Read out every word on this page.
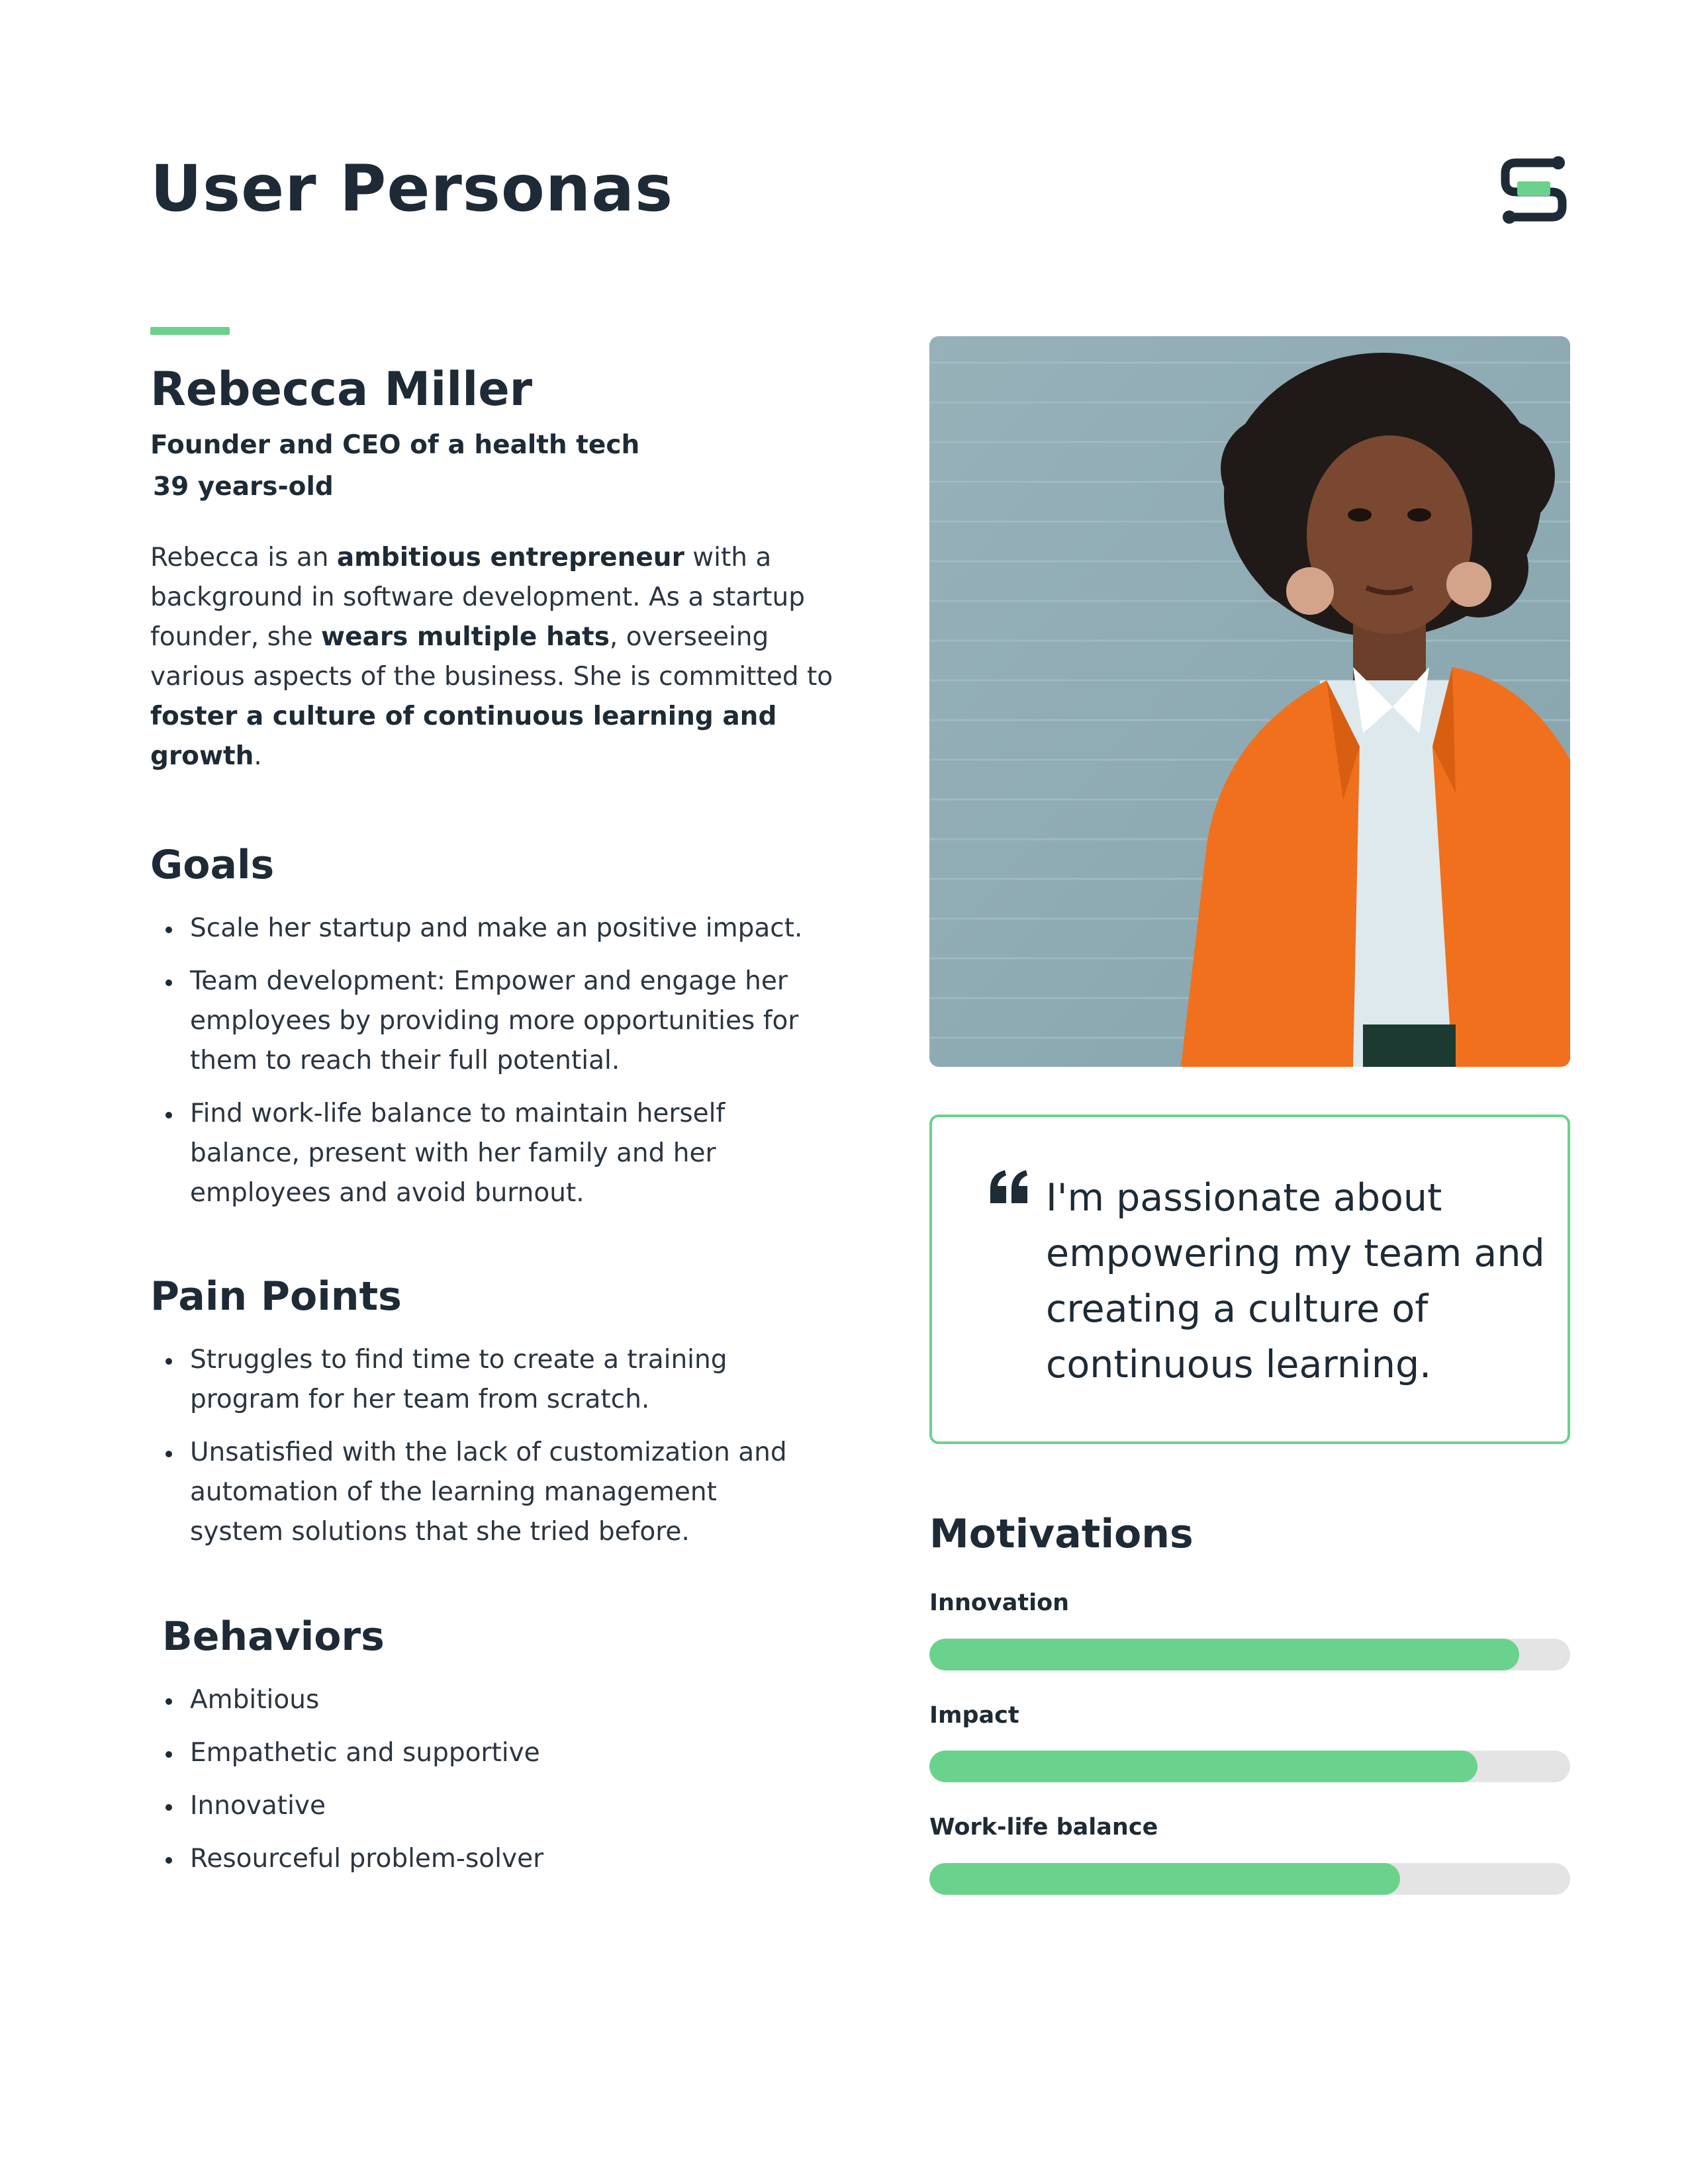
User Personas
Rebecca Miller
Founder and CEO of a health tech
39 years-old

Rebecca is an ambitious entrepreneur with a background in software development. As a startup founder, she wears multiple hats, overseeing various aspects of the business. She is committed to foster a culture of continuous learning and growth.

Goals
Scale her startup and make an positive impact.
Team development: Empower and engage her employees by providing more opportunities for them to reach their full potential.
Find work-life balance to maintain herself balance, present with her family and her employees and avoid burnout.
Pain Points
Struggles to find time to create a training program for her team from scratch.
Unsatisfied with the lack of customization and automation of the learning management system solutions that she tried before.
Behaviors
Ambitious
Empathetic and supportive
Innovative
Resourceful problem-solver

I'm passionate about empowering my team and creating a culture of continuous learning.

Motivations
Innovation
Impact
Work-life balance
